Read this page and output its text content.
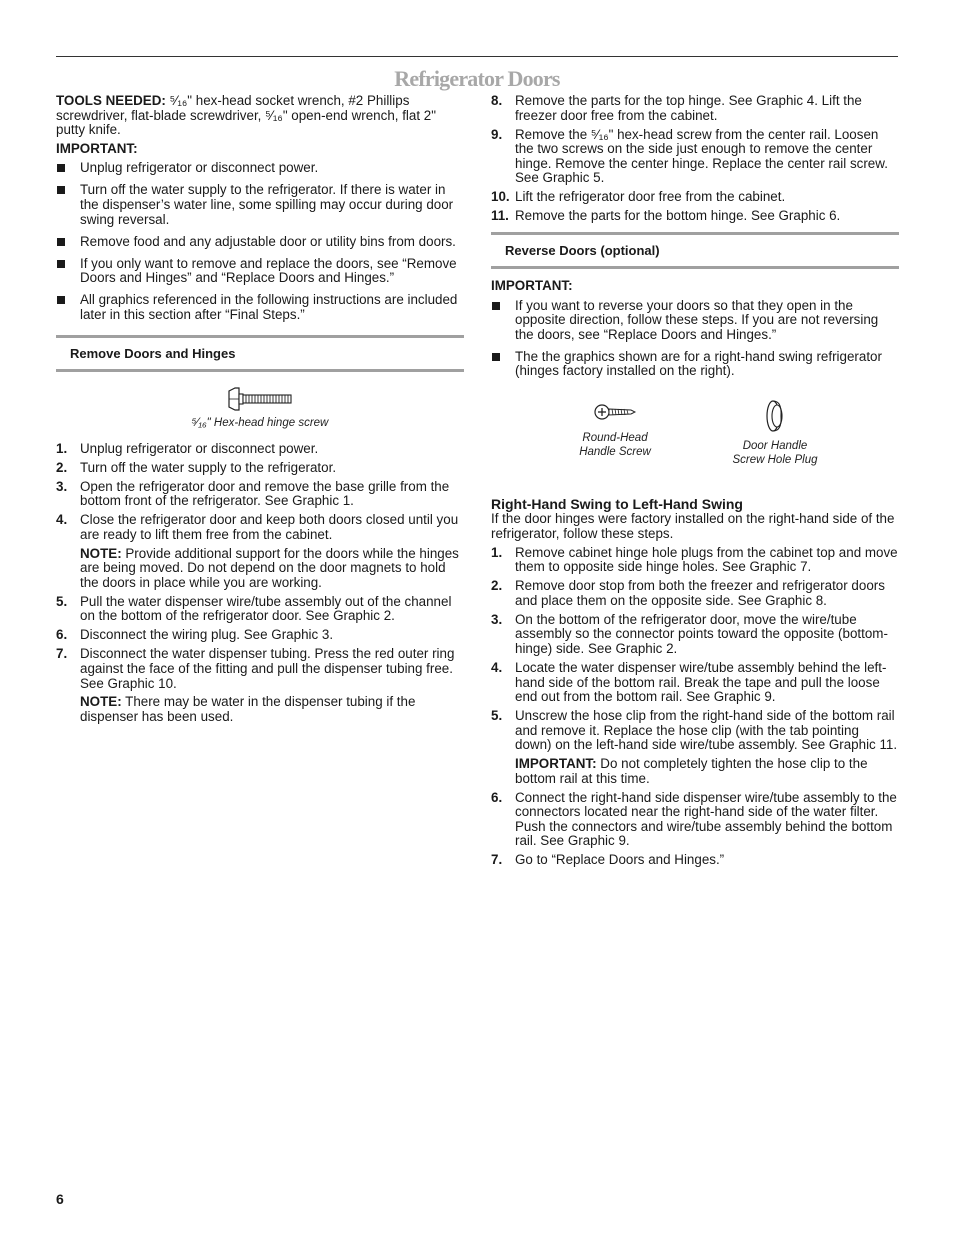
Refrigerator Doors

TOOLS NEEDED: ⁵⁄₁₆" hex-head socket wrench, #2 Phillips screwdriver, flat-blade screwdriver, ⁵⁄₁₆" open-end wrench, flat 2" putty knife.

IMPORTANT:

Unplug refrigerator or disconnect power.
Turn off the water supply to the refrigerator. If there is water in the dispenser’s water line, some spilling may occur during door swing reversal.
Remove food and any adjustable door or utility bins from doors.
If you only want to remove and replace the doors, see “Remove Doors and Hinges” and “Replace Doors and Hinges.”
All graphics referenced in the following instructions are included later in this section after “Final Steps.”
Remove Doors and Hinges
⁵⁄₁₆" Hex-head hinge screw
1. Unplug refrigerator or disconnect power.
2. Turn off the water supply to the refrigerator.
3. Open the refrigerator door and remove the base grille from the bottom front of the refrigerator. See Graphic 1.
4. Close the refrigerator door and keep both doors closed until you are ready to lift them free from the cabinet.

NOTE: Provide additional support for the doors while the hinges are being moved. Do not depend on the door magnets to hold the doors in place while you are working.

5. Pull the water dispenser wire/tube assembly out of the channel on the bottom of the refrigerator door. See Graphic 2.
6. Disconnect the wiring plug. See Graphic 3.
7. Disconnect the water dispenser tubing. Press the red outer ring against the face of the fitting and pull the dispenser tubing free. See Graphic 10.

NOTE: There may be water in the dispenser tubing if the dispenser has been used.

8. Remove the parts for the top hinge. See Graphic 4. Lift the freezer door free from the cabinet.
9. Remove the ⁵⁄₁₆" hex-head screw from the center rail. Loosen the two screws on the side just enough to remove the center hinge. Remove the center hinge. Replace the center rail screw. See Graphic 5.
10. Lift the refrigerator door free from the cabinet.
11. Remove the parts for the bottom hinge. See Graphic 6.
Reverse Doors (optional)

IMPORTANT:

If you want to reverse your doors so that they open in the opposite direction, follow these steps. If you are not reversing the doors, see “Replace Doors and Hinges.”
The the graphics shown are for a right-hand swing refrigerator (hinges factory installed on the right).
Round-Head
Handle Screw	Door Handle
Screw Hole Plug

Right-Hand Swing to Left-Hand Swing

If the door hinges were factory installed on the right-hand side of the refrigerator, follow these steps.

1. Remove cabinet hinge hole plugs from the cabinet top and move them to opposite side hinge holes. See Graphic 7.
2. Remove door stop from both the freezer and refrigerator doors and place them on the opposite side. See Graphic 8.
3. On the bottom of the refrigerator door, move the wire/tube assembly so the connector points toward the opposite (bottom-hinge) side. See Graphic 2.
4. Locate the water dispenser wire/tube assembly behind the left-hand side of the bottom rail. Break the tape and pull the loose end out from the bottom rail. See Graphic 9.
5. Unscrew the hose clip from the right-hand side of the bottom rail and remove it. Replace the hose clip (with the tab pointing down) on the left-hand side wire/tube assembly. See Graphic 11.

IMPORTANT: Do not completely tighten the hose clip to the bottom rail at this time.

6. Connect the right-hand side dispenser wire/tube assembly to the connectors located near the right-hand side of the water filter. Push the connectors and wire/tube assembly behind the bottom rail. See Graphic 9.
7. Go to “Replace Doors and Hinges.”
6
